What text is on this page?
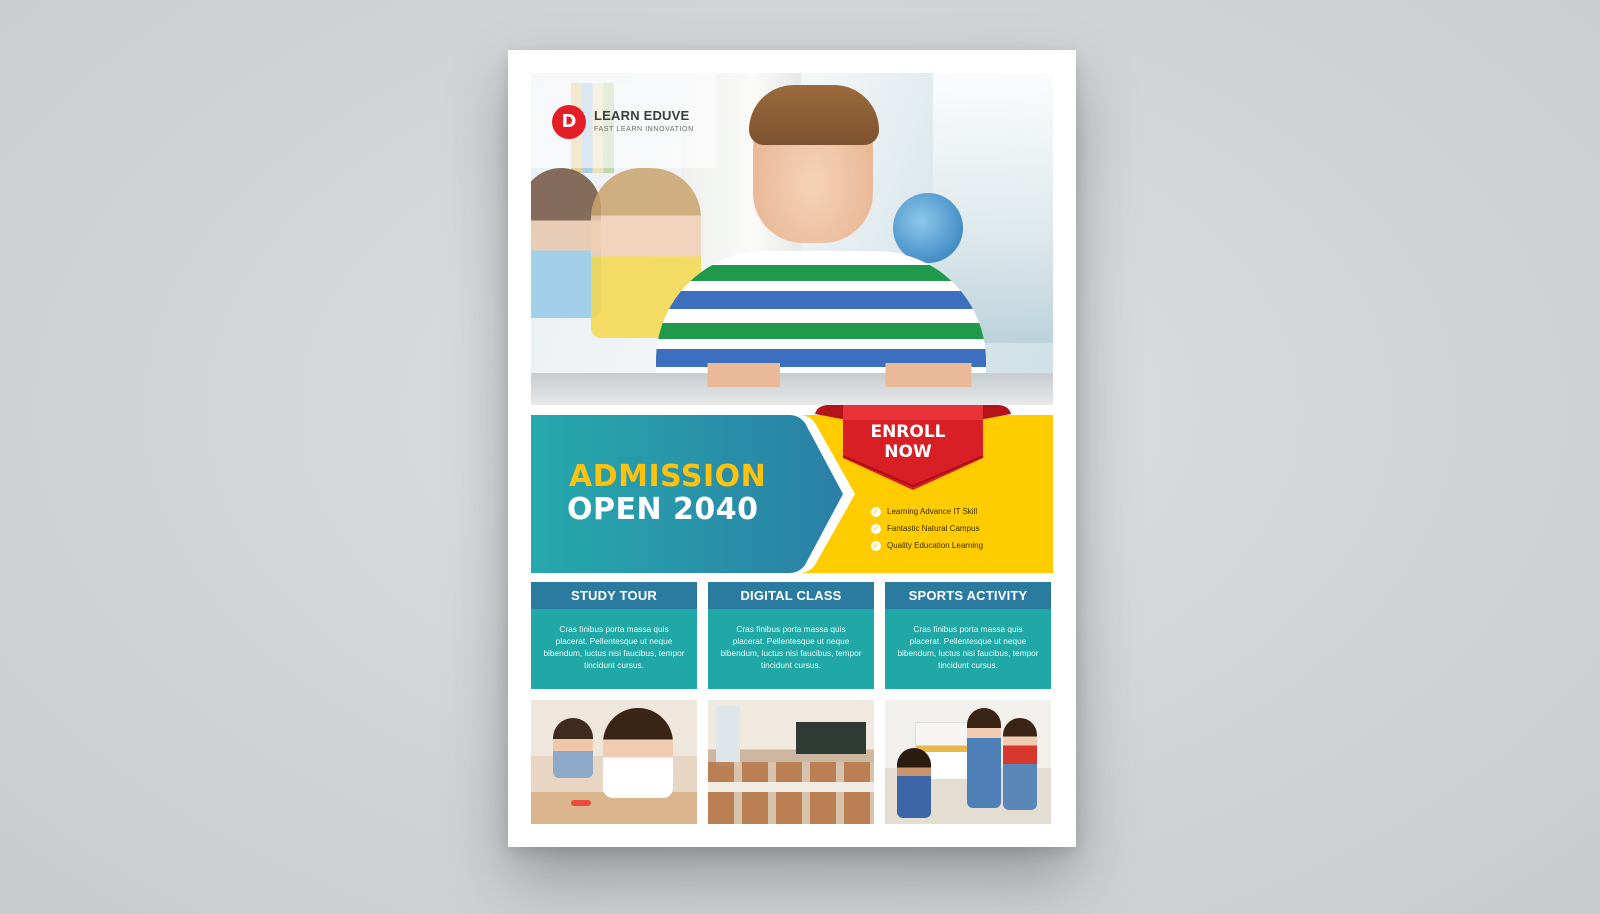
D	LEARN EDUVE
FAST LEARN INNOVATION
ADMISSION
OPEN 2040	✓ Learning Advance IT Skill
✓ Fantastic Natural Campus
✓ Quality Education Learning
ENROLL
NOW
STUDY TOUR
Cras finibus porta massa quis placerat. Pellentesque ut neque bibendum, luctus nisi faucibus, tempor tincidunt cursus.
DIGITAL CLASS
Cras finibus porta massa quis placerat. Pellentesque ut neque bibendum, luctus nisi faucibus, tempor tincidunt cursus.
SPORTS ACTIVITY
Cras finibus porta massa quis placerat. Pellentesque ut neque bibendum, luctus nisi faucibus, tempor tincidunt cursus.
